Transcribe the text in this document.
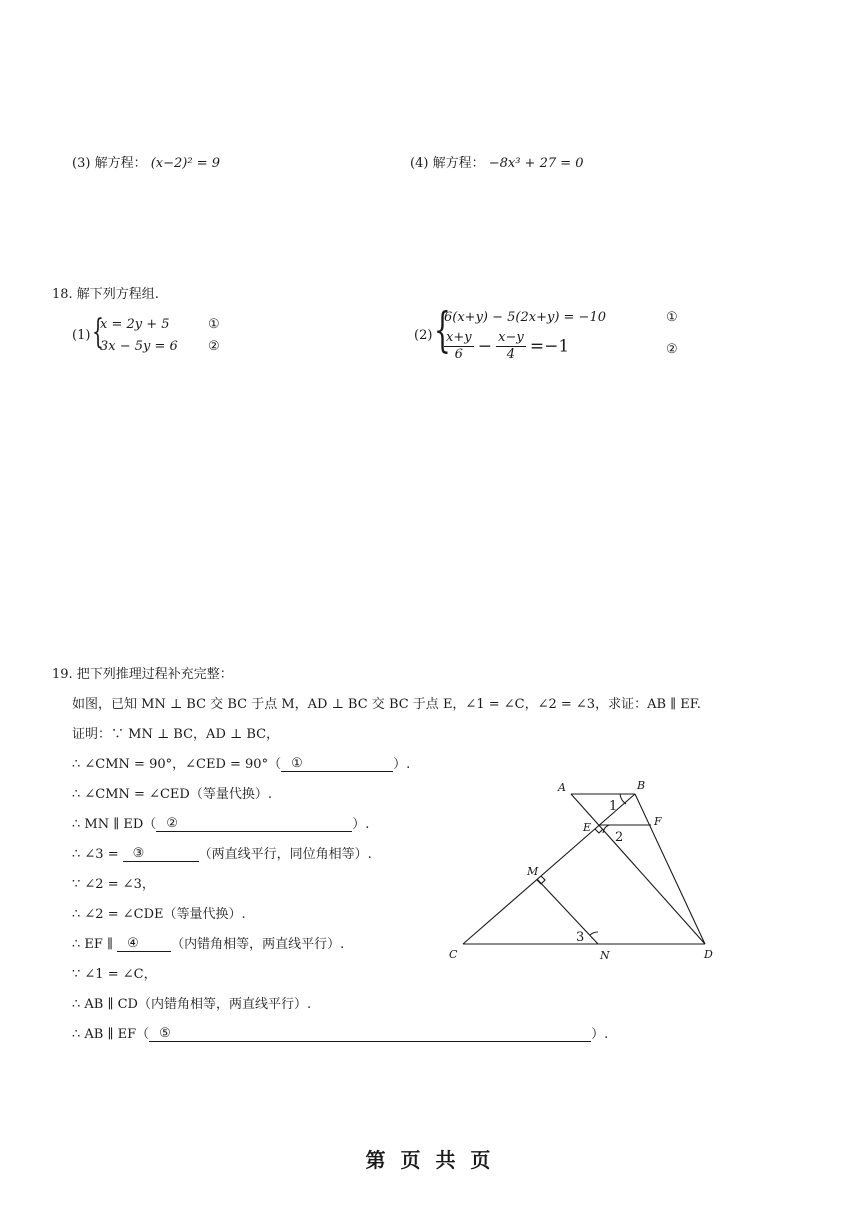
(3) 解方程： (x−2)² = 9	(4) 解方程： −8x³ + 27 = 0
18. 解下列方程组.
(1) {
x = 2y + 5	①
3x − 5y = 6 ②
(2) {
6(x+y) − 5(2x+y) = −10	①
$\frac{x+y}{6} - \frac{x-y}{4} =-1$	②
19. 把下列推理过程补充完整：
如图，已知 MN ⊥ BC 交 BC 于点 M，AD ⊥ BC 交 BC 于点 E，∠1 = ∠C，∠2 = ∠3，求证：AB ∥ EF.
证明：∵ MN ⊥ BC，AD ⊥ BC，
∴ ∠CMN = 90°，∠CED = 90°（ ①	）.
∴ ∠CMN = ∠CED（等量代换）.
∴ MN ∥ ED（ ②	）.
∴ ∠3 = ③	（两直线平行，同位角相等）.
∵ ∠2 = ∠3，
∴ ∠2 = ∠CDE（等量代换）.
∴ EF ∥ ④ （内错角相等，两直线平行）.
∵ ∠1 = ∠C，
∴ AB ∥ CD（内错角相等，两直线平行）.
∴ AB ∥ EF（ ⑤	）.
A	B
E	F
M
C	N	D
1
2
3
第 页 共 页
